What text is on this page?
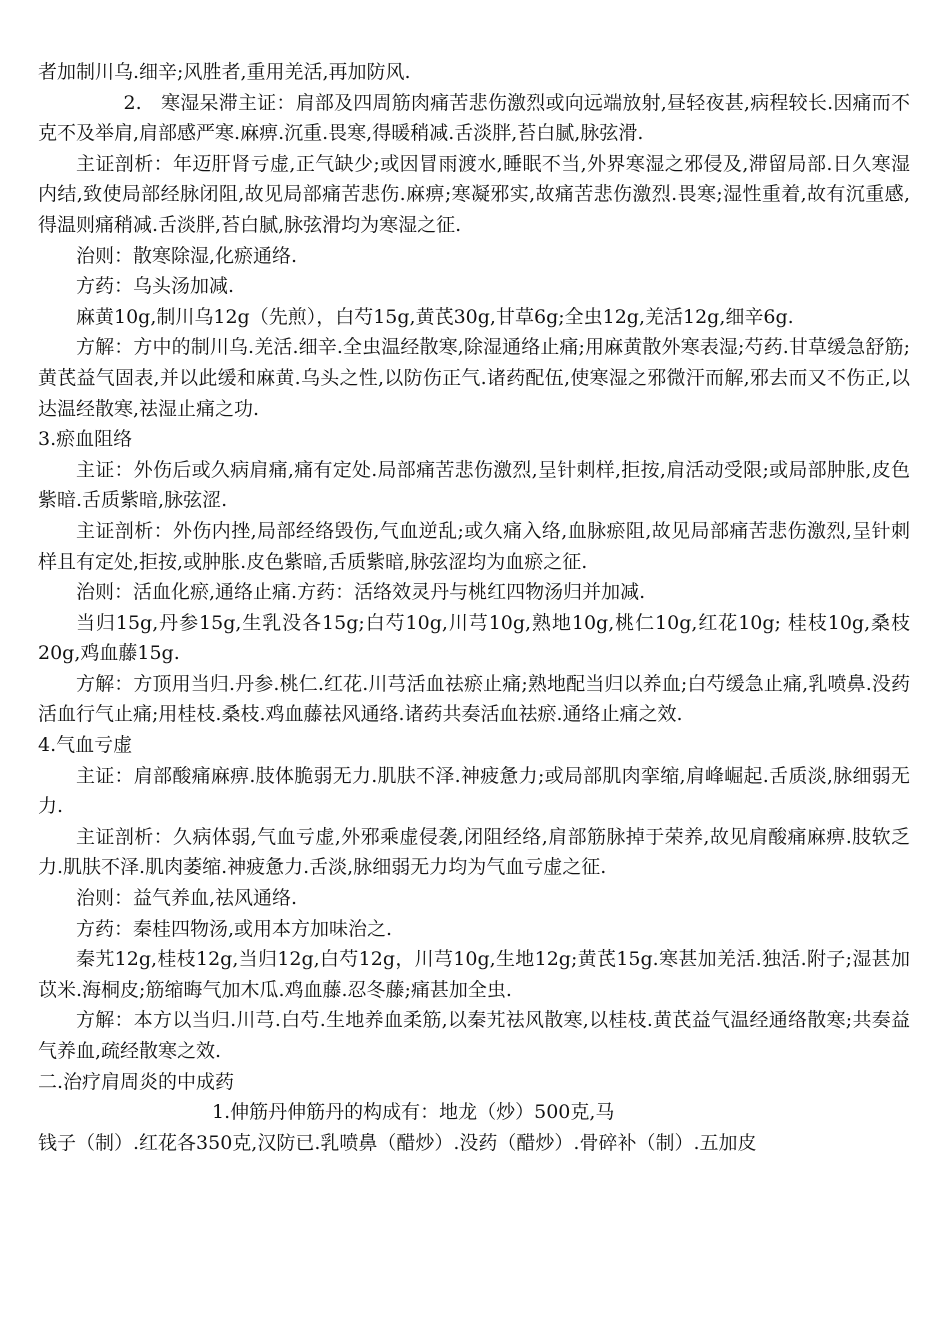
者加制川乌.细辛;风胜者,重用羌活,再加防风.

2.　寒湿呆滞主证：肩部及四周筋肉痛苦悲伤激烈或向远端放射,昼轻夜甚,病程较长.因痛而不克不及举肩,肩部感严寒.麻痹.沉重.畏寒,得暖稍减.舌淡胖,苔白腻,脉弦滑.

主证剖析：年迈肝肾亏虚,正气缺少;或因冒雨渡水,睡眠不当,外界寒湿之邪侵及,滞留局部.日久寒湿内结,致使局部经脉闭阻,故见局部痛苦悲伤.麻痹;寒凝邪实,故痛苦悲伤激烈.畏寒;湿性重着,故有沉重感,得温则痛稍减.舌淡胖,苔白腻,脉弦滑均为寒湿之征.

治则：散寒除湿,化瘀通络.

方药：乌头汤加减.

麻黄10g,制川乌12g（先煎），白芍15g,黄芪30g,甘草6g;全虫12g,羌活12g,细辛6g.

方解：方中的制川乌.羌活.细辛.全虫温经散寒,除湿通络止痛;用麻黄散外寒表湿;芍药.甘草缓急舒筋;黄芪益气固表,并以此缓和麻黄.乌头之性,以防伤正气.诸药配伍,使寒湿之邪微汗而解,邪去而又不伤正,以达温经散寒,祛湿止痛之功.

3.瘀血阻络

主证：外伤后或久病肩痛,痛有定处.局部痛苦悲伤激烈,呈针刺样,拒按,肩活动受限;或局部肿胀,皮色紫暗.舌质紫暗,脉弦涩.

主证剖析：外伤内挫,局部经络毁伤,气血逆乱;或久痛入络,血脉瘀阻,故见局部痛苦悲伤激烈,呈针刺样且有定处,拒按,或肿胀.皮色紫暗,舌质紫暗,脉弦涩均为血瘀之征.

治则：活血化瘀,通络止痛.方药：活络效灵丹与桃红四物汤归并加减.

当归15g,丹参15g,生乳没各15g;白芍10g,川芎10g,熟地10g,桃仁10g,红花10g; 桂枝10g,桑枝20g,鸡血藤15g.

方解：方顶用当归.丹参.桃仁.红花.川芎活血祛瘀止痛;熟地配当归以养血;白芍缓急止痛,乳喷鼻.没药活血行气止痛;用桂枝.桑枝.鸡血藤祛风通络.诸药共奏活血祛瘀.通络止痛之效.

4.气血亏虚

主证：肩部酸痛麻痹.肢体脆弱无力.肌肤不泽.神疲惫力;或局部肌肉挛缩,肩峰崛起.舌质淡,脉细弱无力.

主证剖析：久病体弱,气血亏虚,外邪乘虚侵袭,闭阻经络,肩部筋脉掉于荣养,故见肩酸痛麻痹.肢软乏力.肌肤不泽.肌肉萎缩.神疲惫力.舌淡,脉细弱无力均为气血亏虚之征.

治则：益气养血,祛风通络.

方药：秦桂四物汤,或用本方加味治之.

秦艽12g,桂枝12g,当归12g,白芍12g，川芎10g,生地12g;黄芪15g.寒甚加羌活.独活.附子;湿甚加苡米.海桐皮;筋缩晦气加木瓜.鸡血藤.忍冬藤;痛甚加全虫.

方解：本方以当归.川芎.白芍.生地养血柔筋,以秦艽祛风散寒,以桂枝.黄芪益气温经通络散寒;共奏益气养血,疏经散寒之效.

二.治疗肩周炎的中成药

1.伸筋丹伸筋丹的构成有：地龙（炒）500克,马

钱子（制）.红花各350克,汉防已.乳喷鼻（醋炒）.没药（醋炒）.骨碎补（制）.五加皮
